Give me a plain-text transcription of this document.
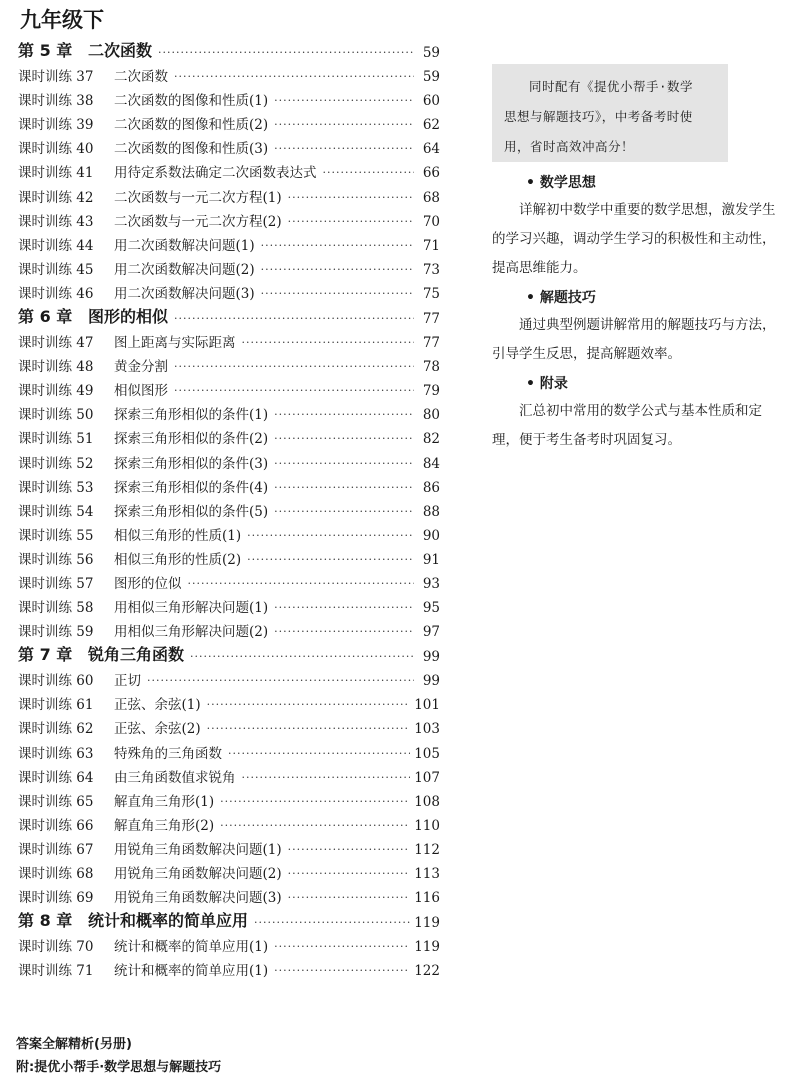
九年级下
第 5 章 二次函数 ·····	59
课时训练 37	二次函数 ·····	59
课时训练 38	二次函数的图像和性质(1) ·····	60
课时训练 39	二次函数的图像和性质(2) ·····	62
课时训练 40	二次函数的图像和性质(3) ·····	64
课时训练 41	用待定系数法确定二次函数表达式 ·····	66
课时训练 42	二次函数与一元二次方程(1) ·····	68
课时训练 43	二次函数与一元二次方程(2) ·····	70
课时训练 44	用二次函数解决问题(1) ·····	71
课时训练 45	用二次函数解决问题(2) ·····	73
课时训练 46	用二次函数解决问题(3) ·····	75
第 6 章 图形的相似 ·····	77
课时训练 47	图上距离与实际距离 ·····	77
课时训练 48	黄金分割 ·····	78
课时训练 49	相似图形 ·····	79
课时训练 50	探索三角形相似的条件(1) ·····	80
课时训练 51	探索三角形相似的条件(2) ·····	82
课时训练 52	探索三角形相似的条件(3) ·····	84
课时训练 53	探索三角形相似的条件(4) ·····	86
课时训练 54	探索三角形相似的条件(5) ·····	88
课时训练 55	相似三角形的性质(1) ·····	90
课时训练 56	相似三角形的性质(2) ·····	91
课时训练 57	图形的位似 ·····	93
课时训练 58	用相似三角形解决问题(1) ·····	95
课时训练 59	用相似三角形解决问题(2) ·····	97
第 7 章 锐角三角函数 ·····	99
课时训练 60	正切 ·····	99
课时训练 61	正弦、余弦(1) ·····	101
课时训练 62	正弦、余弦(2) ·····	103
课时训练 63	特殊角的三角函数 ·····	105
课时训练 64	由三角函数值求锐角 ·····	107
课时训练 65	解直角三角形(1) ·····	108
课时训练 66	解直角三角形(2) ·····	110
课时训练 67	用锐角三角函数解决问题(1) ·····	112
课时训练 68	用锐角三角函数解决问题(2) ·····	113
课时训练 69	用锐角三角函数解决问题(3) ·····	116
第 8 章 统计和概率的简单应用 ·····	119
课时训练 70	统计和概率的简单应用(1) ·····	119
课时训练 71	统计和概率的简单应用(1) ·····	122
同时配有《提优小帮手·数学
思想与解题技巧》，中考备考时使
用，省时高效冲高分！
• 数学思想

详解初中数学中重要的数学思想，激发学生的学习兴趣，调动学生学习的积极性和主动性，提高思维能力。

• 解题技巧

通过典型例题讲解常用的解题技巧与方法，引导学生反思，提高解题效率。

• 附录

汇总初中常用的数学公式与基本性质和定理，便于考生备考时巩固复习。

答案全解精析(另册)
附:提优小帮手·数学思想与解题技巧
